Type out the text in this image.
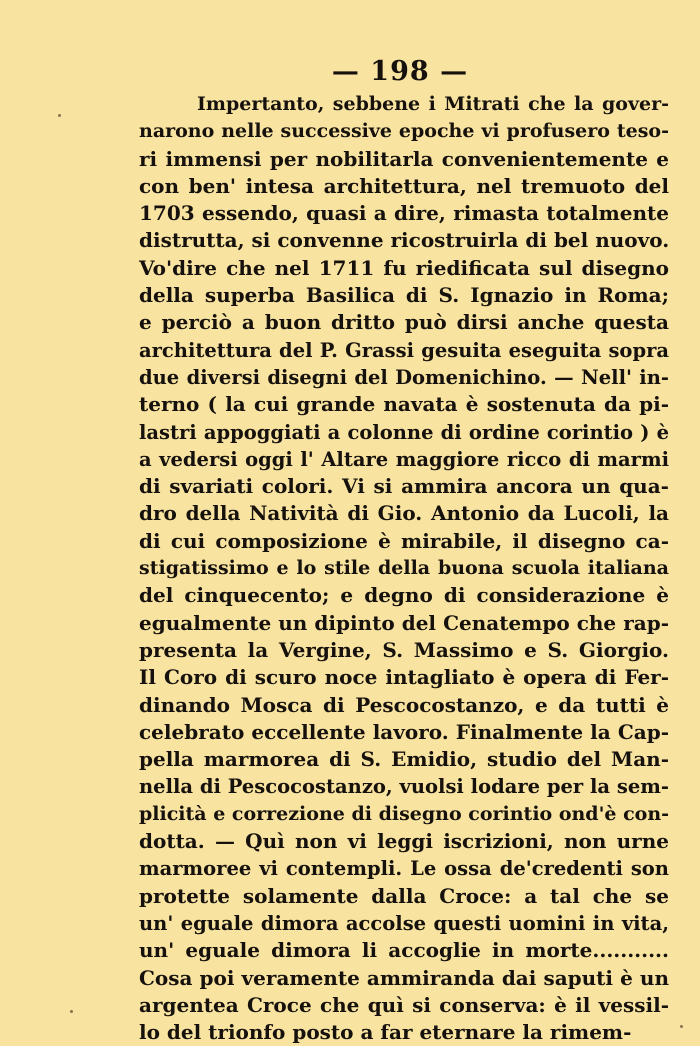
— 198 —
Impertanto, sebbene i Mitrati che la gover-
narono nelle successive epoche vi profusero teso-
ri immensi per nobilitarla convenientemente e
con ben' intesa architettura, nel tremuoto del
1703 essendo, quasi a dire, rimasta totalmente
distrutta, si convenne ricostruirla di bel nuovo.
Vo'dire che nel 1711 fu riedificata sul disegno
della superba Basilica di S. Ignazio in Roma;
e perciò a buon dritto può dirsi anche questa
architettura del P. Grassi gesuita eseguita sopra
due diversi disegni del Domenichino. — Nell' in-
terno ( la cui grande navata è sostenuta da pi-
lastri appoggiati a colonne di ordine corintio ) è
a vedersi oggi l' Altare maggiore ricco di marmi
di svariati colori. Vi si ammira ancora un qua-
dro della Natività di Gio. Antonio da Lucoli, la
di cui composizione è mirabile, il disegno ca-
stigatissimo e lo stile della buona scuola italiana
del cinquecento; e degno di considerazione è
egualmente un dipinto del Cenatempo che rap-
presenta la Vergine, S. Massimo e S. Giorgio.
Il Coro di scuro noce intagliato è opera di Fer-
dinando Mosca di Pescocostanzo, e da tutti è
celebrato eccellente lavoro. Finalmente la Cap-
pella marmorea di S. Emidio, studio del Man-
nella di Pescocostanzo, vuolsi lodare per la sem-
plicità e correzione di disegno corintio ond'è con-
dotta. — Quì non vi leggi iscrizioni, non urne
marmoree vi contempli. Le ossa de'credenti son
protette solamente dalla Croce: a tal che se
un' eguale dimora accolse questi uomini in vita,
un' eguale dimora li accoglie in morte...........
Cosa poi veramente ammiranda dai saputi è un
argentea Croce che quì si conserva: è il vessil-
lo del trionfo posto a far eternare la rimem-
